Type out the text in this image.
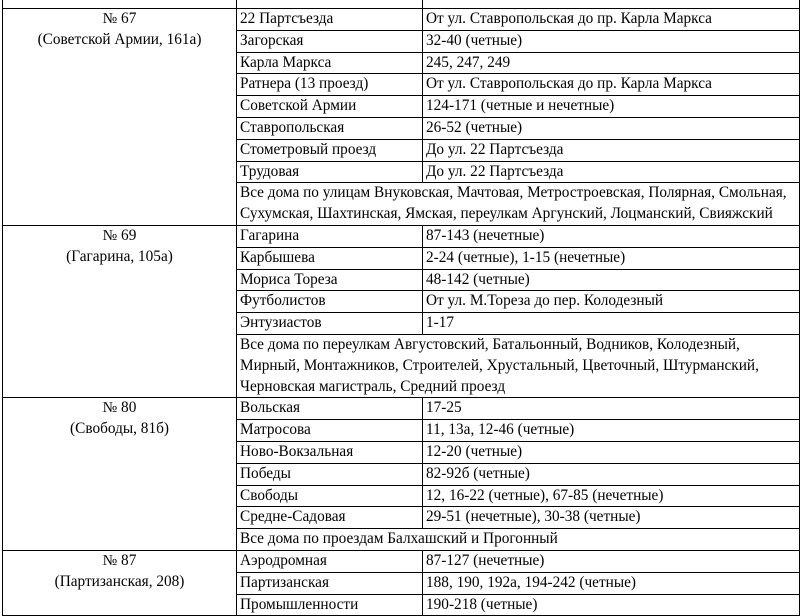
№ 67
(Советской Армии, 161а)	22 Партсъезда	От ул. Ставропольская до пр. Карла Маркса
	Загорская	32-40 (четные)
	Карла Маркса	245, 247, 249
	Ратнера (13 проезд)	От ул. Ставропольская до пр. Карла Маркса
	Советской Армии	124-171 (четные и нечетные)
	Ставропольская	26-52 (четные)
	Стометровый проезд	До ул. 22 Партсъезда
	Трудовая	До ул. 22 Партсъезда
	Все дома по улицам Внуковская, Мачтовая, Метростроевская, Полярная, Смольная, Сухумская, Шахтинская, Ямская, переулкам Аргунский, Лоцманский, Свияжский	

№ 69
(Гагарина, 105а)	Гагарина	87-143 (нечетные)
	Карбышева	2-24 (четные), 1-15 (нечетные)
	Мориса Тореза	48-142 (четные)
	Футболистов	От ул. М.Тореза до пер. Колодезный
	Энтузиастов	1-17
	Все дома по переулкам Августовский, Батальонный, Водников, Колодезный, Мирный, Монтажников, Строителей, Хрустальный, Цветочный, Штурманский, Черновская магистраль, Средний проезд	

№ 80
(Свободы, 81б)	Вольская	17-25
	Матросова	11, 13а, 12-46 (четные)
	Ново-Вокзальная	12-20 (четные)
	Победы	82-92б (четные)
	Свободы	12, 16-22 (четные), 67-85 (нечетные)
	Средне-Садовая	29-51 (нечетные), 30-38 (четные)
	Все дома по проездам Балхашский и Прогонный	

№ 87
(Партизанская, 208)	Аэродромная	87-127 (нечетные)
	Партизанская	188, 190, 192а, 194-242 (четные)
	Промышленности	190-218 (четные)
